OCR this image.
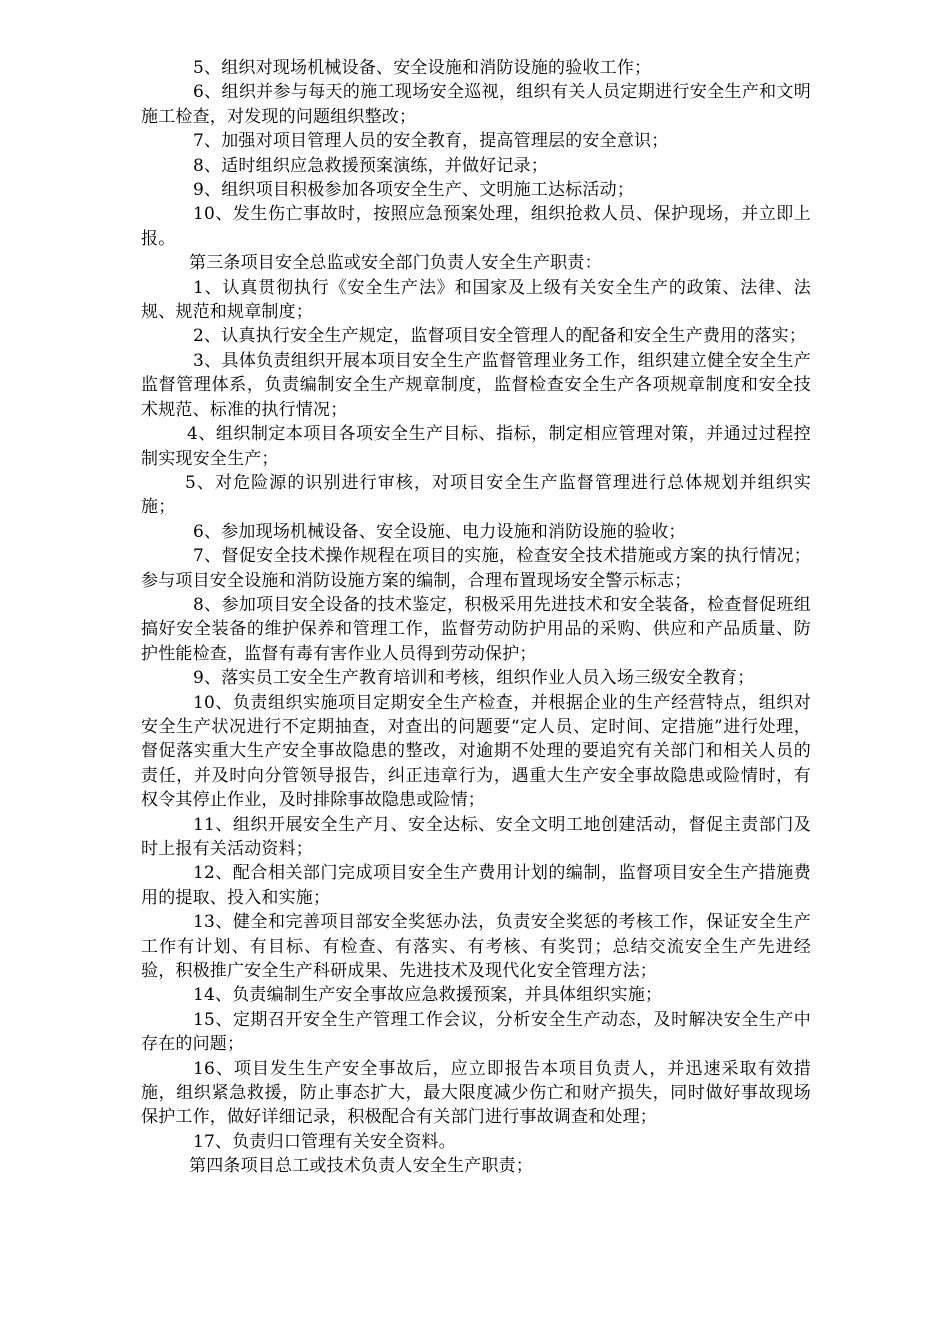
5、组织对现场机械设备、安全设施和消防设施的验收工作；

6、组织并参与每天的施工现场安全巡视，组织有关人员定期进行安全生产和文明施工检查，对发现的问题组织整改；

7、加强对项目管理人员的安全教育，提高管理层的安全意识；

8、适时组织应急救援预案演练，并做好记录；

9、组织项目积极参加各项安全生产、文明施工达标活动；

10、发生伤亡事故时，按照应急预案处理，组织抢救人员、保护现场，并立即上报。

第三条项目安全总监或安全部门负责人安全生产职责：

1、认真贯彻执行《安全生产法》和国家及上级有关安全生产的政策、法律、法规、规范和规章制度；

2、认真执行安全生产规定，监督项目安全管理人的配备和安全生产费用的落实；

3、具体负责组织开展本项目安全生产监督管理业务工作，组织建立健全安全生产监督管理体系，负责编制安全生产规章制度，监督检查安全生产各项规章制度和安全技术规范、标准的执行情况；

4、组织制定本项目各项安全生产目标、指标，制定相应管理对策，并通过过程控制实现安全生产；

5、对危险源的识别进行审核，对项目安全生产监督管理进行总体规划并组织实施；

6、参加现场机械设备、安全设施、电力设施和消防设施的验收；

7、督促安全技术操作规程在项目的实施，检查安全技术措施或方案的执行情况；参与项目安全设施和消防设施方案的编制，合理布置现场安全警示标志；

8、参加项目安全设备的技术鉴定，积极采用先进技术和安全装备，检查督促班组搞好安全装备的维护保养和管理工作，监督劳动防护用品的采购、供应和产品质量、防护性能检查，监督有毒有害作业人员得到劳动保护；

9、落实员工安全生产教育培训和考核，组织作业人员入场三级安全教育；

10、负责组织实施项目定期安全生产检查，并根据企业的生产经营特点，组织对安全生产状况进行不定期抽查，对查出的问题要“定人员、定时间、定措施”进行处理，督促落实重大生产安全事故隐患的整改，对逾期不处理的要追究有关部门和相关人员的责任，并及时向分管领导报告，纠正违章行为，遇重大生产安全事故隐患或险情时，有权令其停止作业，及时排除事故隐患或险情；

11、组织开展安全生产月、安全达标、安全文明工地创建活动，督促主责部门及时上报有关活动资料；

12、配合相关部门完成项目安全生产费用计划的编制，监督项目安全生产措施费用的提取、投入和实施；

13、健全和完善项目部安全奖惩办法，负责安全奖惩的考核工作，保证安全生产工作有计划、有目标、有检查、有落实、有考核、有奖罚；总结交流安全生产先进经验，积极推广安全生产科研成果、先进技术及现代化安全管理方法；

14、负责编制生产安全事故应急救援预案，并具体组织实施；

15、定期召开安全生产管理工作会议，分析安全生产动态，及时解决安全生产中存在的问题；

16、项目发生生产安全事故后，应立即报告本项目负责人，并迅速采取有效措施，组织紧急救援，防止事态扩大，最大限度减少伤亡和财产损失，同时做好事故现场保护工作，做好详细记录，积极配合有关部门进行事故调查和处理；

17、负责归口管理有关安全资料。

第四条项目总工或技术负责人安全生产职责；
